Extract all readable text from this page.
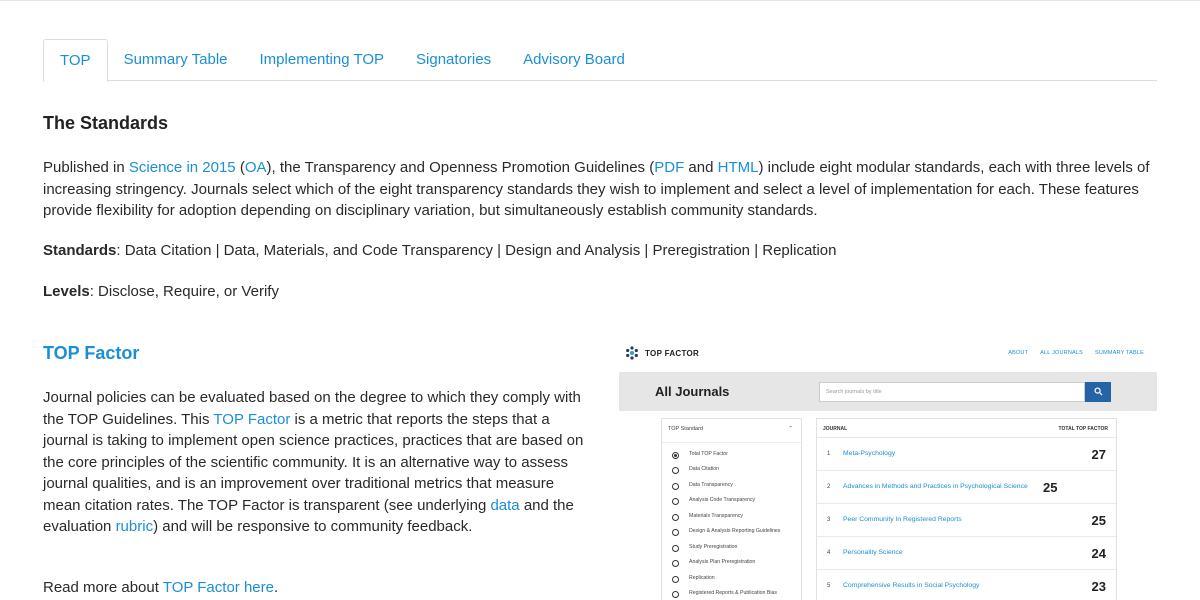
TOP	Summary Table	Implementing TOP	Signatories	Advisory Board
The Standards

Published in Science in 2015 (OA), the Transparency and Openness Promotion Guidelines (PDF and HTML) include eight modular standards, each with three levels of increasing stringency. Journals select which of the eight transparency standards they wish to implement and select a level of implementation for each. These features provide flexibility for adoption depending on disciplinary variation, but simultaneously establish community standards.

Standards: Data Citation | Data, Materials, and Code Transparency | Design and Analysis | Preregistration | Replication

Levels: Disclose, Require, or Verify

TOP Factor

Journal policies can be evaluated based on the degree to which they comply with the TOP Guidelines. This TOP Factor is a metric that reports the steps that a journal is taking to implement open science practices, practices that are based on the core principles of the scientific community. It is an alternative way to assess journal qualities, and is an improvement over traditional metrics that measure mean citation rates. The TOP Factor is transparent (see underlying data and the evaluation rubric) and will be responsive to community feedback.

Read more about TOP Factor here.

TOP FACTOR	ABOUT ALL JOURNALS SUMMARY TABLE
All Journals	Search journals by title
TOP Standard	⌃
Total TOP Factor
Data Citation
Data Transparency
Analysis Code Transparency
Materials Transparency
Design & Analysis Reporting Guidelines
Study Preregistration
Analysis Plan Preregistration
Replication
Registered Reports & Publication Bias
JOURNAL	TOTAL TOP FACTOR
1	Meta-Psychology	27
2	Advances in Methods and Practices in Psychological Science	25
3	Peer Community In Registered Reports	25
4	Personality Science	24
5	Comprehensive Results in Social Psychology	23
